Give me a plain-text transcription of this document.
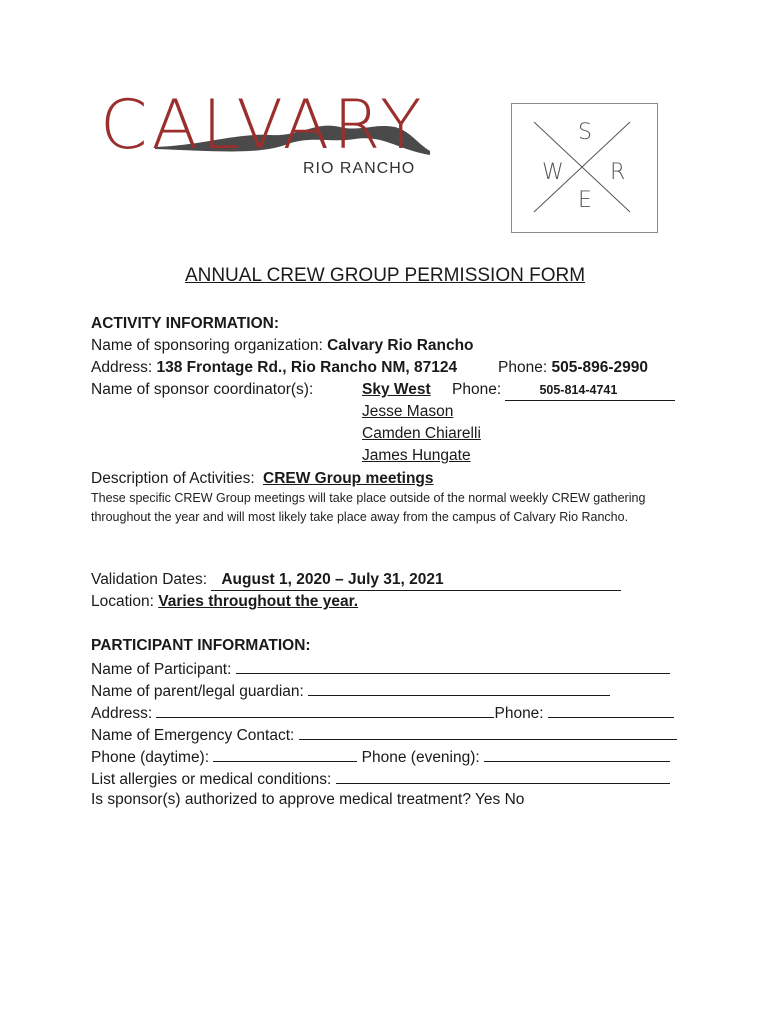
CALVARY
RIO RANCHO
S
W R
E
ANNUAL CREW GROUP PERMISSION FORM
ACTIVITY INFORMATION:
Name of sponsoring organization: Calvary Rio Rancho
Address: 138 Frontage Rd., Rio Rancho NM, 87124	Phone: 505-896-2990
Name of sponsor coordinator(s):	Sky West Phone:	505-814-4741
Jesse Mason
Camden Chiarelli
James Hungate
Description of Activities: CREW Group meetings
These specific CREW Group meetings will take place outside of the normal weekly CREW gathering throughout the year and will most likely take place away from the campus of Calvary Rio Rancho.
Validation Dates: August 1, 2020 – July 31, 2021
Location: Varies throughout the year.
PARTICIPANT INFORMATION:
Name of Participant:
Name of parent/legal guardian:
Address:	Phone:
Name of Emergency Contact:
Phone (daytime):	Phone (evening):
List allergies or medical conditions:
Is sponsor(s) authorized to approve medical treatment? Yes No
